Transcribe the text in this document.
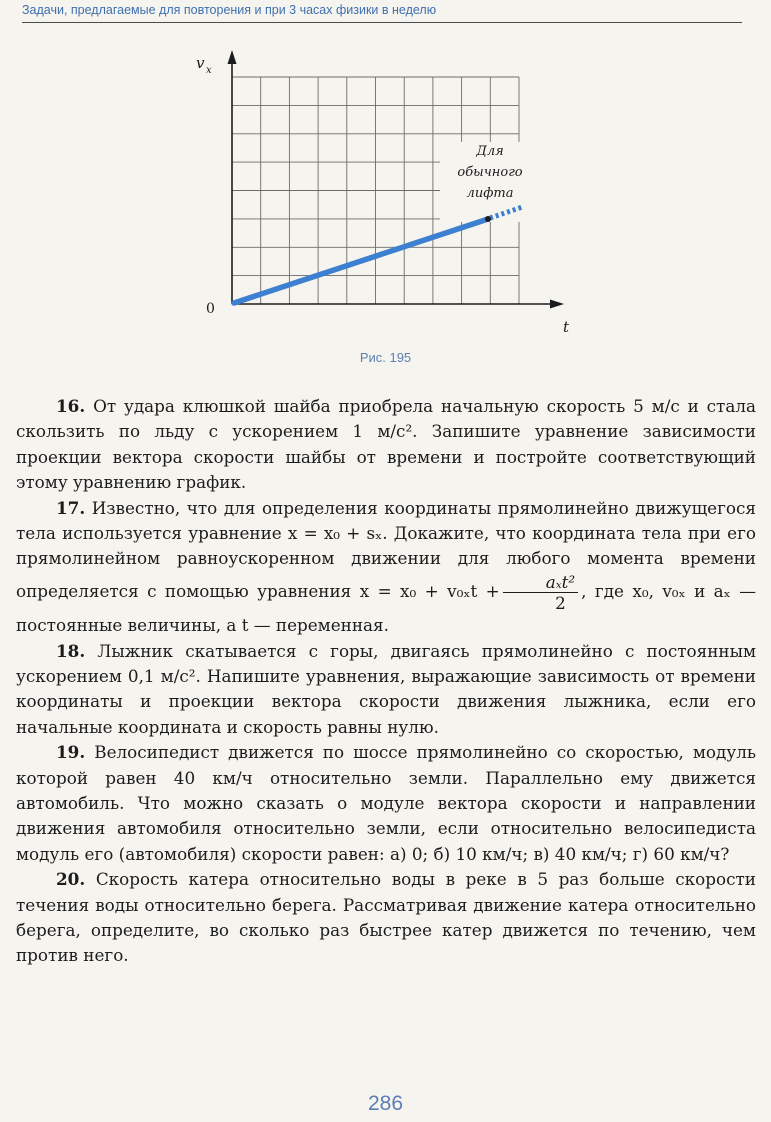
Задачи, предлагаемые для повторения и при 3 часах физики в неделю
v x
t
0
Для
обычного
лифта
Рис. 195

16. От удара клюшкой шайба приобрела начальную скорость 5 м/с и стала скользить по льду с ускорением 1 м/с². Запишите уравнение зависимости проекции вектора скорости шайбы от времени и постройте соответствующий этому уравнению график.

17. Известно, что для определения координаты прямолинейно движущегося тела используется уравнение x = x₀ + sₓ. Докажите, что координата тела при его прямолинейном равноускоренном движении для любого момента времени определяется с помощью уравнения $x = x_0 + v_{0x}t + \frac{\text{aₓt²}}{2}$ , где x₀, v₀ₓ и aₓ — постоянные величины, а t — переменная.

18. Лыжник скатывается с горы, двигаясь прямолинейно с постоянным ускорением 0,1 м/с². Напишите уравнения, выражающие зависимость от времени координаты и проекции вектора скорости движения лыжника, если его начальные координата и скорость равны нулю.

19. Велосипедист движется по шоссе прямолинейно со скоростью, модуль которой равен 40 км/ч относительно земли. Параллельно ему движется автомобиль. Что можно сказать о модуле вектора скорости и направлении движения автомобиля относительно земли, если относительно велосипедиста модуль его (автомобиля) скорости равен: а) 0; б) 10 км/ч; в) 40 км/ч; г) 60 км/ч?

20. Скорость катера относительно воды в реке в 5 раз больше скорости течения воды относительно берега. Рассматривая движение катера относительно берега, определите, во сколько раз быстрее катер движется по течению, чем против него.

286
